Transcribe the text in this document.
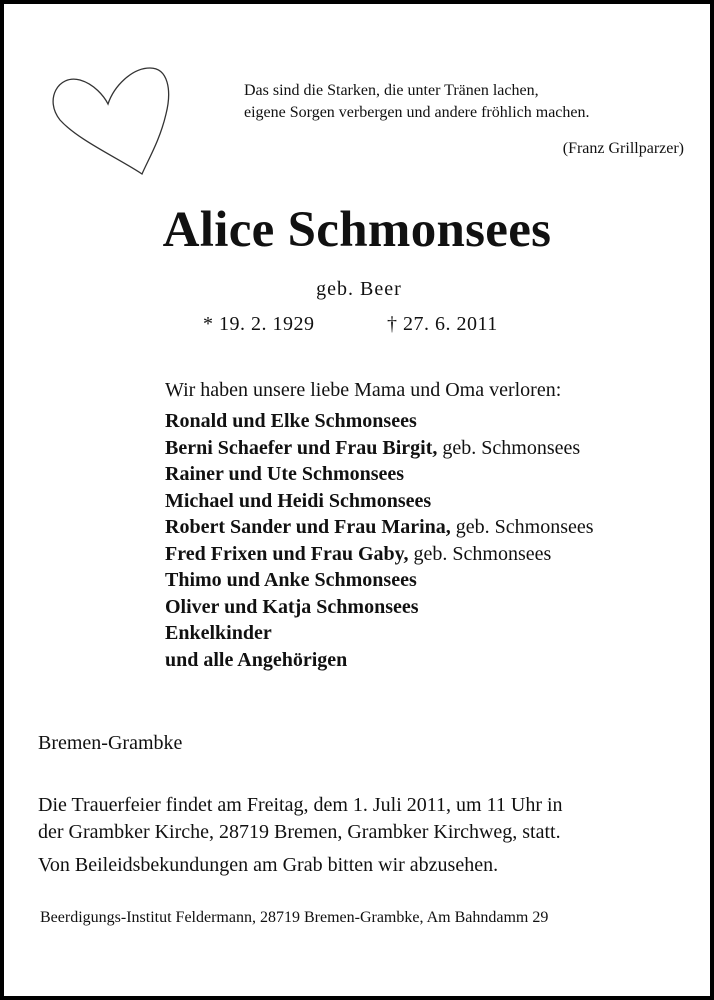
Das sind die Starken, die unter Tränen lachen,
eigene Sorgen verbergen und andere fröhlich machen.
(Franz Grillparzer)
Alice Schmonsees
geb. Beer
* 19. 2. 1929	† 27. 6. 2011
Wir haben unsere liebe Mama und Oma verloren:
Ronald und Elke Schmonsees
Berni Schaefer und Frau Birgit, geb. Schmonsees
Rainer und Ute Schmonsees
Michael und Heidi Schmonsees
Robert Sander und Frau Marina, geb. Schmonsees
Fred Frixen und Frau Gaby, geb. Schmonsees
Thimo und Anke Schmonsees
Oliver und Katja Schmonsees
Enkelkinder
und alle Angehörigen
Bremen-Grambke
Die Trauerfeier findet am Freitag, dem 1. Juli 2011, um 11 Uhr in
der Grambker Kirche, 28719 Bremen, Grambker Kirchweg, statt.
Von Beileidsbekundungen am Grab bitten wir abzusehen.
Beerdigungs-Institut Feldermann, 28719 Bremen-Grambke, Am Bahndamm 29
